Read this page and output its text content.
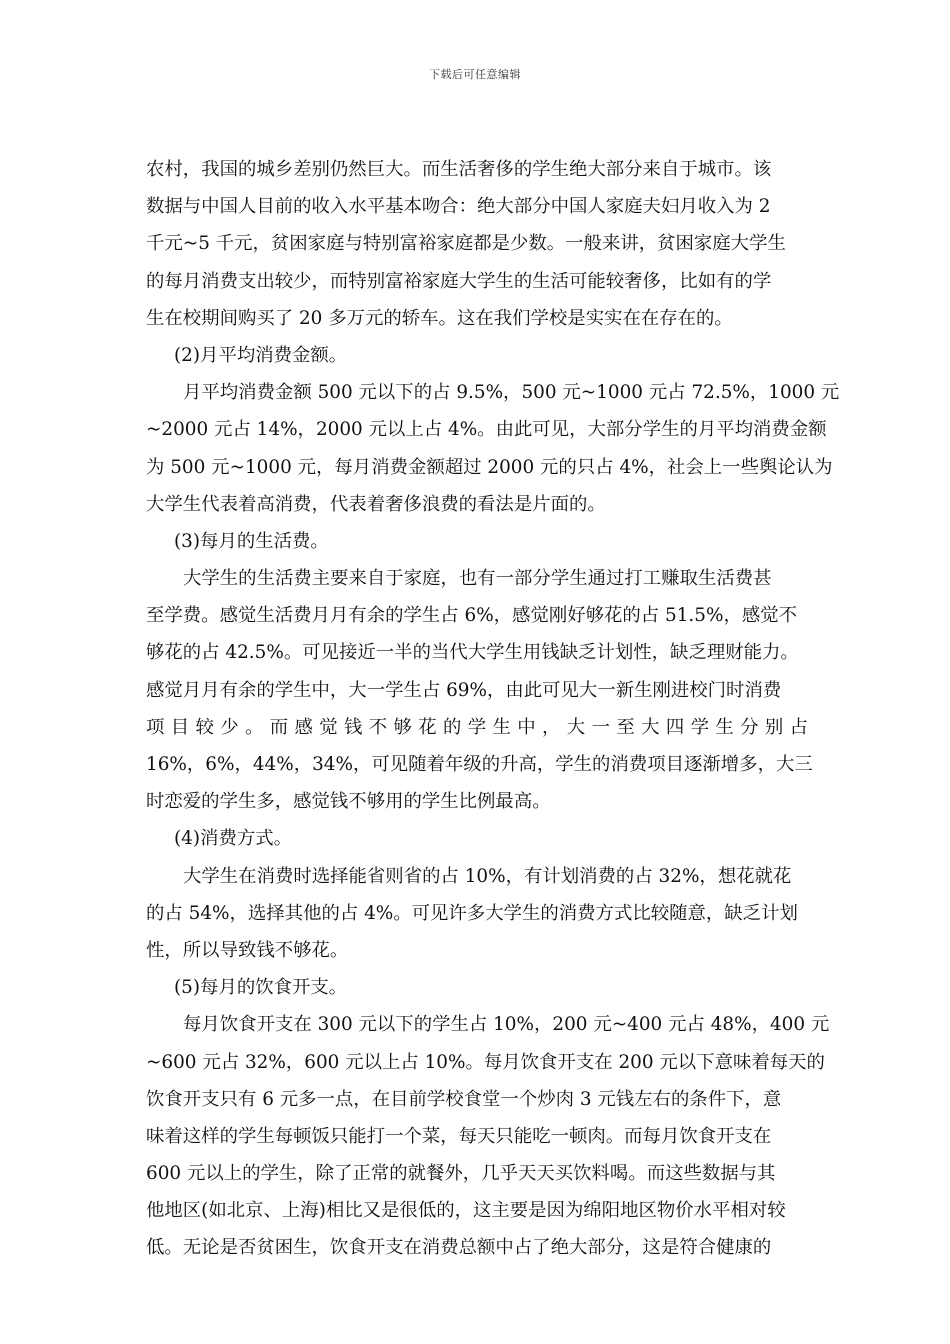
下载后可任意编辑
农村，我国的城乡差别仍然巨大。而生活奢侈的学生绝大部分来自于城市。该
数据与中国人目前的收入水平基本吻合：绝大部分中国人家庭夫妇月收入为 2
千元~5 千元，贫困家庭与特别富裕家庭都是少数。一般来讲，贫困家庭大学生
的每月消费支出较少，而特别富裕家庭大学生的生活可能较奢侈，比如有的学
生在校期间购买了 20 多万元的轿车。这在我们学校是实实在在存在的。
(2)月平均消费金额。
月平均消费金额 500 元以下的占 9.5%，500 元~1000 元占 72.5%，1000 元
~2000 元占 14%，2000 元以上占 4%。由此可见，大部分学生的月平均消费金额
为 500 元~1000 元，每月消费金额超过 2000 元的只占 4%，社会上一些舆论认为
大学生代表着高消费，代表着奢侈浪费的看法是片面的。
(3)每月的生活费。
大学生的生活费主要来自于家庭，也有一部分学生通过打工赚取生活费甚
至学费。感觉生活费月月有余的学生占 6%，感觉刚好够花的占 51.5%，感觉不
够花的占 42.5%。可见接近一半的当代大学生用钱缺乏计划性，缺乏理财能力。
感觉月月有余的学生中，大一学生占 69%，由此可见大一新生刚进校门时消费
项目较少。而感觉钱不够花的学生中，大一至大四学生分别占
16%，6%，44%，34%，可见随着年级的升高，学生的消费项目逐渐增多，大三
时恋爱的学生多，感觉钱不够用的学生比例最高。
(4)消费方式。
大学生在消费时选择能省则省的占 10%，有计划消费的占 32%，想花就花
的占 54%，选择其他的占 4%。可见许多大学生的消费方式比较随意，缺乏计划
性，所以导致钱不够花。
(5)每月的饮食开支。
每月饮食开支在 300 元以下的学生占 10%，200 元~400 元占 48%，400 元
~600 元占 32%，600 元以上占 10%。每月饮食开支在 200 元以下意味着每天的
饮食开支只有 6 元多一点，在目前学校食堂一个炒肉 3 元钱左右的条件下，意
味着这样的学生每顿饭只能打一个菜，每天只能吃一顿肉。而每月饮食开支在
600 元以上的学生，除了正常的就餐外，几乎天天买饮料喝。而这些数据与其
他地区(如北京、上海)相比又是很低的，这主要是因为绵阳地区物价水平相对较
低。无论是否贫困生，饮食开支在消费总额中占了绝大部分，这是符合健康的
